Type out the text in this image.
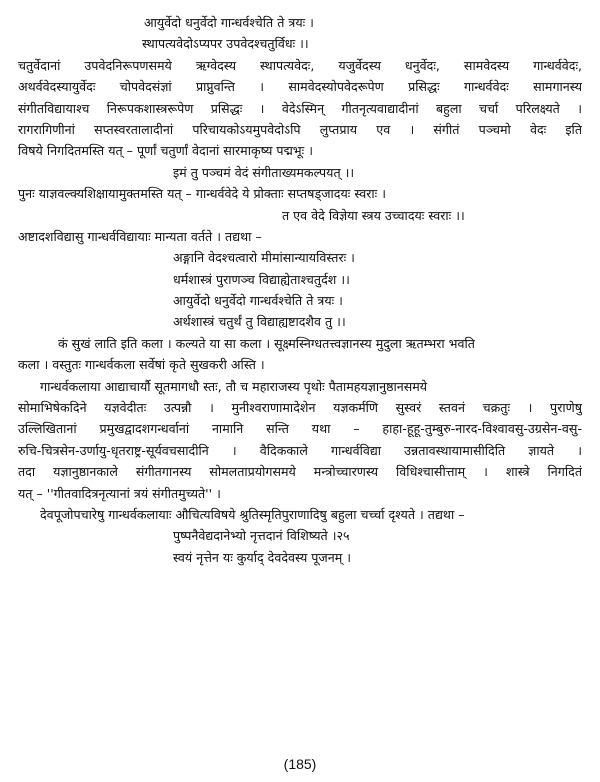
आयुर्वेदो धनुर्वेदो गान्धर्वश्चेति ते त्रयः ।
स्थापत्यवेदोऽप्यपर उपवेदश्चतुर्विधः ।।
चतुर्वेदानां उपवेदनिरूपणसमये ऋग्वेदस्य स्थापत्यवेदः, यजुर्वेदस्य धनुर्वेदः, सामवेदस्य गान्धर्ववेदः,
अथर्ववेदस्यायुर्वेदः चोपवेदसंज्ञां प्राप्नुवन्ति । सामवेदस्योपवेदरूपेण प्रसिद्धः गान्धर्ववेदः सामगानस्य
संगीतविद्यायाश्च निरूपकशास्त्ररूपेण प्रसिद्धः । वेदेऽस्मिन् गीतनृत्यवाद्यादीनां बहुला चर्चा परिलक्ष्यते ।
रागरागिणीनां सप्तस्वरतालादीनां परिचायकोऽयमुपवेदोऽपि लुप्तप्राय एव । संगीतं पञ्चमो वेदः इति
विषये निगदितमस्ति यत् – पूर्णां चतुर्णां वेदानां सारमाकृष्य पद्मभूः ।
इमं तु पञ्चमं वेदं संगीताख्यमकल्पयत् ।।
पुनः याज्ञवल्क्यशिक्षायामुक्तमस्ति यत् – गान्धर्ववेदे ये प्रोक्ताः सप्तषड्जादयः स्वराः ।
त एव वेदे विज्ञेया स्त्रय उच्चादयः स्वराः ।।
अष्टादशविद्यासु गान्धर्वविद्यायाः मान्यता वर्तते । तद्यथा –
अङ्गानि वेदश्चत्वारो मीमांसान्यायविस्तरः ।
धर्मशास्त्रं पुराणञ्च विद्याह्येताश्चतुर्दश ।।
आयुर्वेदो धनुर्वेदो गान्धर्वश्चेति ते त्रयः ।
अर्थशास्त्रं चतुर्थं तु विद्याह्यष्टादशैव तु ।।
कं सुखं लाति इति कला । कल्यते या सा कला । सूक्ष्मस्निग्धतत्त्वज्ञानस्य मुदुला ऋतम्भरा भवति
कला । वस्तुतः गान्धर्वकला सर्वेषां कृते सुखकरी अस्ति ।
गान्धर्वकलाया आद्याचार्यौ सूतमागधौ स्तः, तौ च महाराजस्य पृथोः पैतामहयज्ञानुष्ठानसमये
सोमाभिषेकदिने यज्ञवेदीतः उत्पन्नौ । मुनीश्वराणामादेशेन यज्ञकर्मणि सुस्वरं स्तवनं चक्रतुः । पुराणेषु
उल्लिखितानां प्रमुखद्वादशगन्धर्वानां नामानि सन्ति यथा – हाहा-हूहू-तुम्बुरु-नारद-विश्वावसु-उग्रसेन-वसु-
रुचि-चित्रसेन-उर्णायु-धृतराष्ट्र-सूर्यवचसादीनि । वैदिककाले गान्धर्वविद्या उन्नतावस्थायामासीदिति ज्ञायते ।
तदा यज्ञानुष्ठानकाले संगीतगानस्य सोमलताप्रयोगसमये मन्त्रोच्चारणस्य विधिश्चासीत्ताम् । शास्त्रे निगदितं
यत् – ''गीतवादित्रनृत्यानां त्रयं संगीतमुच्यते'' ।
देवपूजोपचारेषु गान्धर्वकलायाः औचित्यविषये श्रुतिस्मृतिपुराणादिषु बहुला चर्च्चा दृश्यते । तद्यथा –
पुष्पनैवेद्यदानेभ्यो नृत्तदानं विशिष्यते ।२५
स्वयं नृत्तेन यः कुर्याद् देवदेवस्य पूजनम् ।
(185)
